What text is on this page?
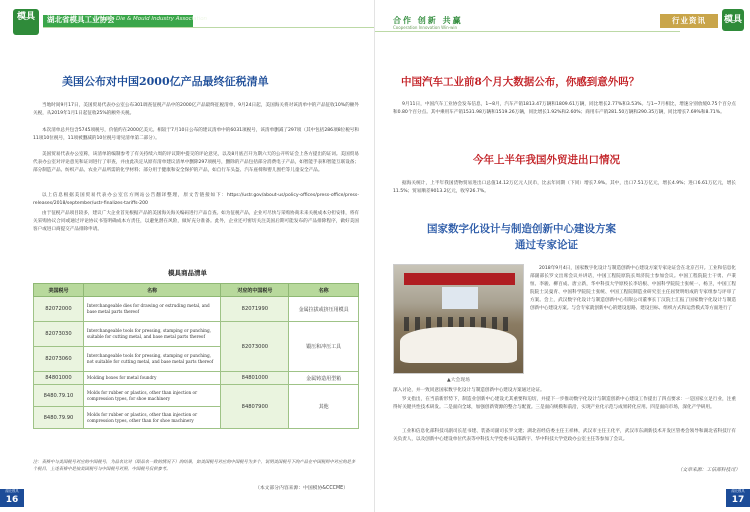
模具	湖北省模具工业协会
HuBei Die & Mould Industry Association
美国公布对中国2000亿产品最终征税清单
当地时间9月17日，美国贸易代表办公室公布301调查征税产品中的2000亿产品最终征税清单，9月24日起，美国海关将对该清单中的产品征收10%的额外关税，从2019年1月1日起征收25%的额外关税。
本次清单总共包含5745项税号，价值约在2000亿美元。相较于7月10日公布的建议清单中的6031项税号，该清单删减了297项（其中包括286项8位税号和11项10位税号，11项被删减的10位税号请见清单第二部分）。
美国贸易代表办公室称，该清单的编制参考了有关持续六周的评议期中提交的评论意见，以及8月底召开为期六天的公开听证会上各方提出的证词。美国贸易代表办公室对评论意见和证词进行了审查，并由此决定从原有清单建议清单中删除297项税号，删除的产品包括部分消费电子产品，如智能手表和智能互联设备；部分制造产品、纺织产品、农业产品所需的化学材料；部分用于健康和安全保护的产品，如自行车头盔、汽车座椅和婴儿围栏等儿童安全产品。
以上信息根据美国贸易代表办公室官方网站公告翻译整理，原文告链接如下：https://ustr.gov/about-us/policy-offices/press-office/press-releases/2018/september/ustr-finalizes-tariffs-200
由于征税产品项目较多，建议广大企业首先根据产品的美国海关海关编码进行产品自查。如为征税产品，企业可尽快与采购协商未来关税成本分担安排，将有关采购协议合同或通过评论协议书签明确成本方责任，以避免潜在风险，做好充分准备。此外，企业还可密切关注美国后期可能发布的产品排除程序，做好美国客户或进口商提交产品排除申请。
模具商品清单
美国税号	名称	对应的中国税号	名称
82072000	Interchangeable dies for drawing or extruding metal, and base metal parts thereof	82071990	金属拉拔或挤压用模具
82073030	Interchangeable tools for pressing, stamping or punching, suitable for cutting metal, and base metal parts thereof	82073000	锻压和冲压工具
82073060	Interchangeable tools for pressing, stamping or punching, not suitable for cutting metal, and base metal parts thereof		
84801000	Molding boxes for metal foundry	84801000	金属铸造用型箱
8480.79.10	Molds for rubber or plastics, other than injection or compression types, for shoe machinery	84807900	其他
8480.79.90	Molds for rubber or plastics, other than injection or compression types, other than for shoe machinery		
注：表格中与美国税号对应的中国税号，为品名比对（即品名一致的情况下）的结果，如美国税号对应的中国税号为多个，说明美国税号下的产品在中国税则中对应的是多个税目，上述表格中是按美国税号与中国税号对照，中国税号仅供参考。
（本文部分内容来源：中国模协&CCCME）
湖北模具
16
合作 创新 共赢
Cooperation Innovation Win-win
行业资讯	模具
中国汽车工业前8个月大数据公布，你感到意外吗？
9月11日，中国汽车工业协会发布信息，1~8月，汽车产销1813.47万辆和1809.61万辆，同比增长2.77%和3.53%。与1~7月相比，增速分别放缓0.75个百分点和0.80个百分点。其中乘用车产销1531.98万辆和1519.26万辆，同比增长1.92%和2.60%；商用车产销281.50万辆和290.35万辆，同比增长7.69%和8.71%。
今年上半年我国外贸进出口情况
据海关统计，上半年我国货物贸易进出口总值14.12万亿元人民币，比去年同期（下同）增长7.9%。其中，出口7.51万亿元，增长4.9%；进口6.61万亿元，增长11.5%；贸易顺差9013.2亿元，收窄26.7%。
国家数字化设计与制造创新中心建设方案
通过专家论证
▲大会现场
2018年9月4日，国家数字化设计与制造创新中心建设方案专家论证会在北京召开。工业和信息化部副部长罗文出席会议并讲话，中国工程院原院长周济院士参加会议。中国工程院院士干勇、卢秉恒、李骏、柳百成、唐立新，华中科技大学原校长李培根、中国科学院院士张统一、杨卫，中国工程院院士吴曼青、中国科学院院士张统、中国工程院制造业研究室主任屈贤明组成的专家组参与评审了方案。会上，武汉数字化设计与制造创新中心有限公司董事长丁汉院士汇报了国家数字化设计与制造创新中心建设方案。与会专家就创新中心的建设思路、建设目标、组织方式和运营模式等方面进行了
深入讨论，并一致同意国家数字化设计与制造创新中心建设方案通过论证。
罗文指出，在当前新形势下，制造业创新中心建设尤其重要和迫切，并提下一步推动数字化设计与制造创新中心建设工作提出了四点要求：一是国家立足行业，注重得好关键共性技术研发。二是面向全球，加强创新资源的整合与配置。三是面向规模和前沿，实现产业化示范与成果转化应用。四是面向市场，深化产学研用。
工业和信息化部科技司副司长范书建、装备司副司长罗文建；湖北省经信委主任王祥林，武汉市主任王化平，武汉市东湖新技术开发区管委会领导和湖北省科技厅有关负责人，以及创新中心建设单位代表等中科技大学党委书记邵新宇、华中科技大学党政办公室主任等参加了会议。
（文章来源：工信部科技司）
湖北模具
17
